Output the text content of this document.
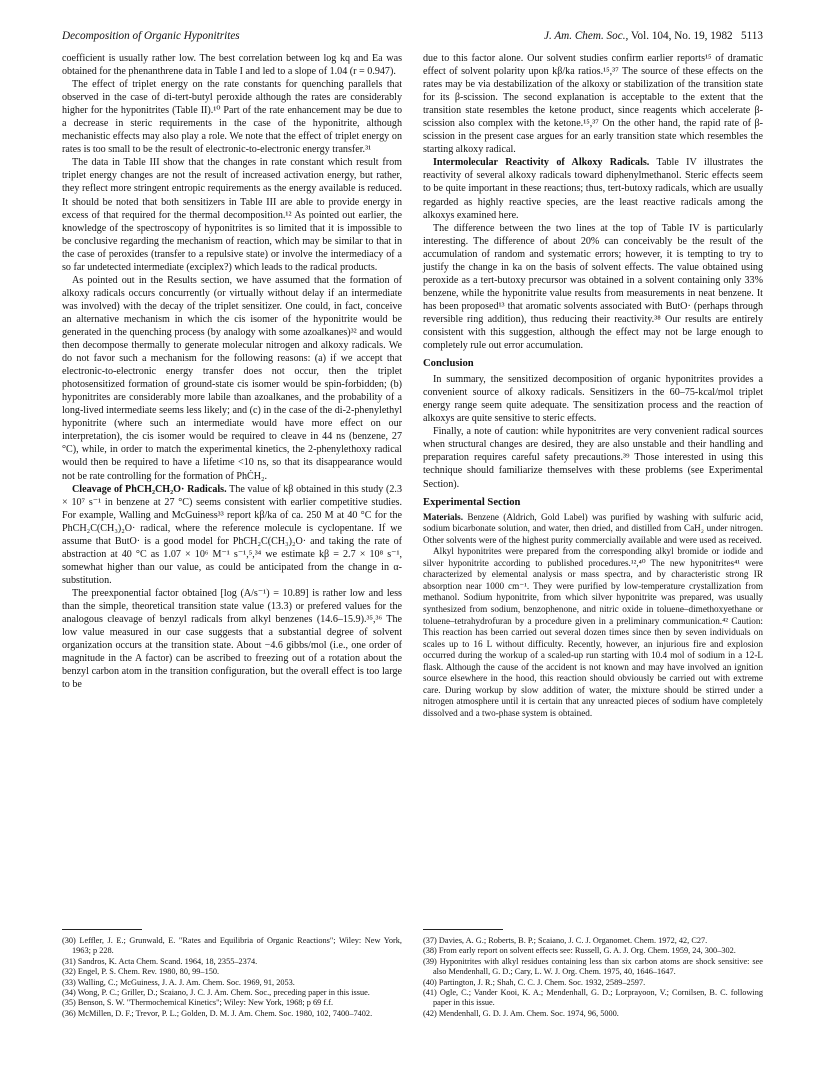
Decomposition of Organic Hyponitrites	J. Am. Chem. Soc., Vol. 104, No. 19, 1982 5113

coefficient is usually rather low. The best correlation between log kq and Ea was obtained for the phenanthrene data in Table I and led to a slope of 1.04 (r = 0.947).

The effect of triplet energy on the rate constants for quenching parallels that observed in the case of di-tert-butyl peroxide although the rates are considerably higher for the hyponitrites (Table II).¹⁰ Part of the rate enhancement may be due to a decrease in steric requirements in the case of the hyponitrite, although mechanistic effects may also play a role. We note that the effect of triplet energy on rates is too small to be the result of electronic-to-electronic energy transfer.³¹

The data in Table III show that the changes in rate constant which result from triplet energy changes are not the result of increased activation energy, but rather, they reflect more stringent entropic requirements as the energy available is reduced. It should be noted that both sensitizers in Table III are able to provide energy in excess of that required for the thermal decomposition.¹² As pointed out earlier, the knowledge of the spectroscopy of hyponitrites is so limited that it is impossible to be conclusive regarding the mechanism of reaction, which may be similar to that in the case of peroxides (transfer to a repulsive state) or involve the intermediacy of a so far undetected intermediate (exciplex?) which leads to the radical products.

As pointed out in the Results section, we have assumed that the formation of alkoxy radicals occurs concurrently (or virtually without delay if an intermediate was involved) with the decay of the triplet sensitizer. One could, in fact, conceive an alternative mechanism in which the cis isomer of the hyponitrite would be generated in the quenching process (by analogy with some azoalkanes)³² and would then decompose thermally to generate molecular nitrogen and alkoxy radicals. We do not favor such a mechanism for the following reasons: (a) if we accept that electronic-to-electronic energy transfer does not occur, then the triplet photosensitized formation of ground-state cis isomer would be spin-forbidden; (b) hyponitrites are considerably more labile than azoalkanes, and the probability of a long-lived intermediate seems less likely; and (c) in the case of the di-2-phenylethyl hyponitrite (where such an intermediate would have more effect on our interpretation), the cis isomer would be required to cleave in 44 ns (benzene, 27 °C), while, in order to match the experimental kinetics, the 2-phenylethoxy radical would then be required to have a lifetime <10 ns, so that its disappearance would not be rate controlling for the formation of PhĊH₂.

Cleavage of PhCH₂CH₂O· Radicals. The value of kβ obtained in this study (2.3 × 10⁷ s⁻¹ in benzene at 27 °C) seems consistent with earlier competitive studies. For example, Walling and McGuiness³³ report kβ/ka of ca. 250 M at 40 °C for the PhCH₂C(CH₃)₂O· radical, where the reference molecule is cyclopentane. If we assume that ButO· is a good model for PhCH₂C(CH₃)₂O· and taking the rate of abstraction at 40 °C as 1.07 × 10⁶ M⁻¹ s⁻¹,⁵,³⁴ we estimate kβ = 2.7 × 10⁸ s⁻¹, somewhat higher than our value, as could be anticipated from the change in α-substitution.

The preexponential factor obtained [log (A/s⁻¹) = 10.89] is rather low and less than the simple, theoretical transition state value (13.3) or prefered values for the analogous cleavage of benzyl radicals from alkyl benzenes (14.6–15.9).³⁵,³⁶ The low value measured in our case suggests that a substantial degree of solvent organization occurs at the transition state. About −4.6 gibbs/mol (i.e., one order of magnitude in the A factor) can be ascribed to freezing out of a rotation about the benzyl carbon atom in the transition configuration, but the overall effect is too large to be

due to this factor alone. Our solvent studies confirm earlier reports¹⁵ of dramatic effect of solvent polarity upon kβ/ka ratios.¹⁵,³⁷ The source of these effects on the rates may be via destabilization of the alkoxy or stabilization of the transition state for its β-scission. The second explanation is acceptable to the extent that the transition state resembles the ketone product, since reagents which accelerate β-scission also complex with the ketone.¹⁵,³⁷ On the other hand, the rapid rate of β-scission in the present case argues for an early transition state which resembles the starting alkoxy radical.

Intermolecular Reactivity of Alkoxy Radicals. Table IV illustrates the reactivity of several alkoxy radicals toward diphenylmethanol. Steric effects seem to be quite important in these reactions; thus, tert-butoxy radicals, which are usually regarded as highly reactive species, are the least reactive radicals among the alkoxys examined here.

The difference between the two lines at the top of Table IV is particularly interesting. The difference of about 20% can conceivably be the result of the accumulation of random and systematic errors; however, it is tempting to try to justify the change in ka on the basis of solvent effects. The value obtained using peroxide as a tert-butoxy precursor was obtained in a solvent containing only 33% benzene, while the hyponitrite value results from measurements in neat benzene. It has been proposed¹³ that aromatic solvents associated with ButO· (perhaps through reversible ring addition), thus reducing their reactivity.³⁸ Our results are entirely consistent with this suggestion, although the effect may not be large enough to completely rule out error accumulation.

Conclusion

In summary, the sensitized decomposition of organic hyponitrites provides a convenient source of alkoxy radicals. Sensitizers in the 60–75-kcal/mol triplet energy range seem quite adequate. The sensitization process and the reaction of alkoxys are quite sensitive to steric effects.

Finally, a note of caution: while hyponitrites are very convenient radical sources when structural changes are desired, they are also unstable and their handling and preparation requires careful safety precautions.³⁹ Those interested in using this technique should familiarize themselves with these problems (see Experimental Section).

Experimental Section

Materials. Benzene (Aldrich, Gold Label) was purified by washing with sulfuric acid, sodium bicarbonate solution, and water, then dried, and distilled from CaH₂ under nitrogen. Other solvents were of the highest purity commercially available and were used as received.

Alkyl hyponitrites were prepared from the corresponding alkyl bromide or iodide and silver hyponitrite according to published procedures.¹²,⁴⁰ The new hyponitrites⁴¹ were characterized by elemental analysis or mass spectra, and by characteristic strong IR absorption near 1000 cm⁻¹. They were purified by low-temperature crystallization from methanol. Sodium hyponitrite, from which silver hyponitrite was prepared, was usually synthesized from sodium, benzophenone, and nitric oxide in toluene–dimethoxyethane or toluene–tetrahydrofuran by a procedure given in a preliminary communication.⁴² Caution: This reaction has been carried out several dozen times since then by seven individuals on scales up to 16 L without difficulty. Recently, however, an injurious fire and explosion occurred during the workup of a scaled-up run starting with 10.4 mol of sodium in a 12-L flask. Although the cause of the accident is not known and may have involved an ignition source elsewhere in the hood, this reaction should obviously be carried out with extreme care. During workup by slow addition of water, the mixture should be stirred under a nitrogen atmosphere until it is certain that any unreacted pieces of sodium have completely dissolved and a two-phase system is obtained.

(30) Leffler, J. E.; Grunwald, E. "Rates and Equilibria of Organic Reactions"; Wiley: New York, 1963; p 228.

(31) Sandros, K. Acta Chem. Scand. 1964, 18, 2355–2374.

(32) Engel, P. S. Chem. Rev. 1980, 80, 99–150.

(33) Walling, C.; McGuiness, J. A. J. Am. Chem. Soc. 1969, 91, 2053.

(34) Wong, P. C.; Griller, D.; Scaiano, J. C. J. Am. Chem. Soc., preceding paper in this issue.

(35) Benson, S. W. "Thermochemical Kinetics"; Wiley: New York, 1968; p 69 f.f.

(36) McMillen, D. F.; Trevor, P. L.; Golden, D. M. J. Am. Chem. Soc. 1980, 102, 7400–7402.

(37) Davies, A. G.; Roberts, B. P.; Scaiano, J. C. J. Organomet. Chem. 1972, 42, C27.

(38) From early report on solvent effects see: Russell, G. A. J. Org. Chem. 1959, 24, 300–302.

(39) Hyponitrites with alkyl residues containing less than six carbon atoms are shock sensitive: see also Mendenhall, G. D.; Cary, L. W. J. Org. Chem. 1975, 40, 1646–1647.

(40) Partington, J. R.; Shah, C. C. J. Chem. Soc. 1932, 2589–2597.

(41) Ogle, C.; Vander Kooi, K. A.; Mendenhall, G. D.; Lorprayoon, V.; Cornilsen, B. C. following paper in this issue.

(42) Mendenhall, G. D. J. Am. Chem. Soc. 1974, 96, 5000.
